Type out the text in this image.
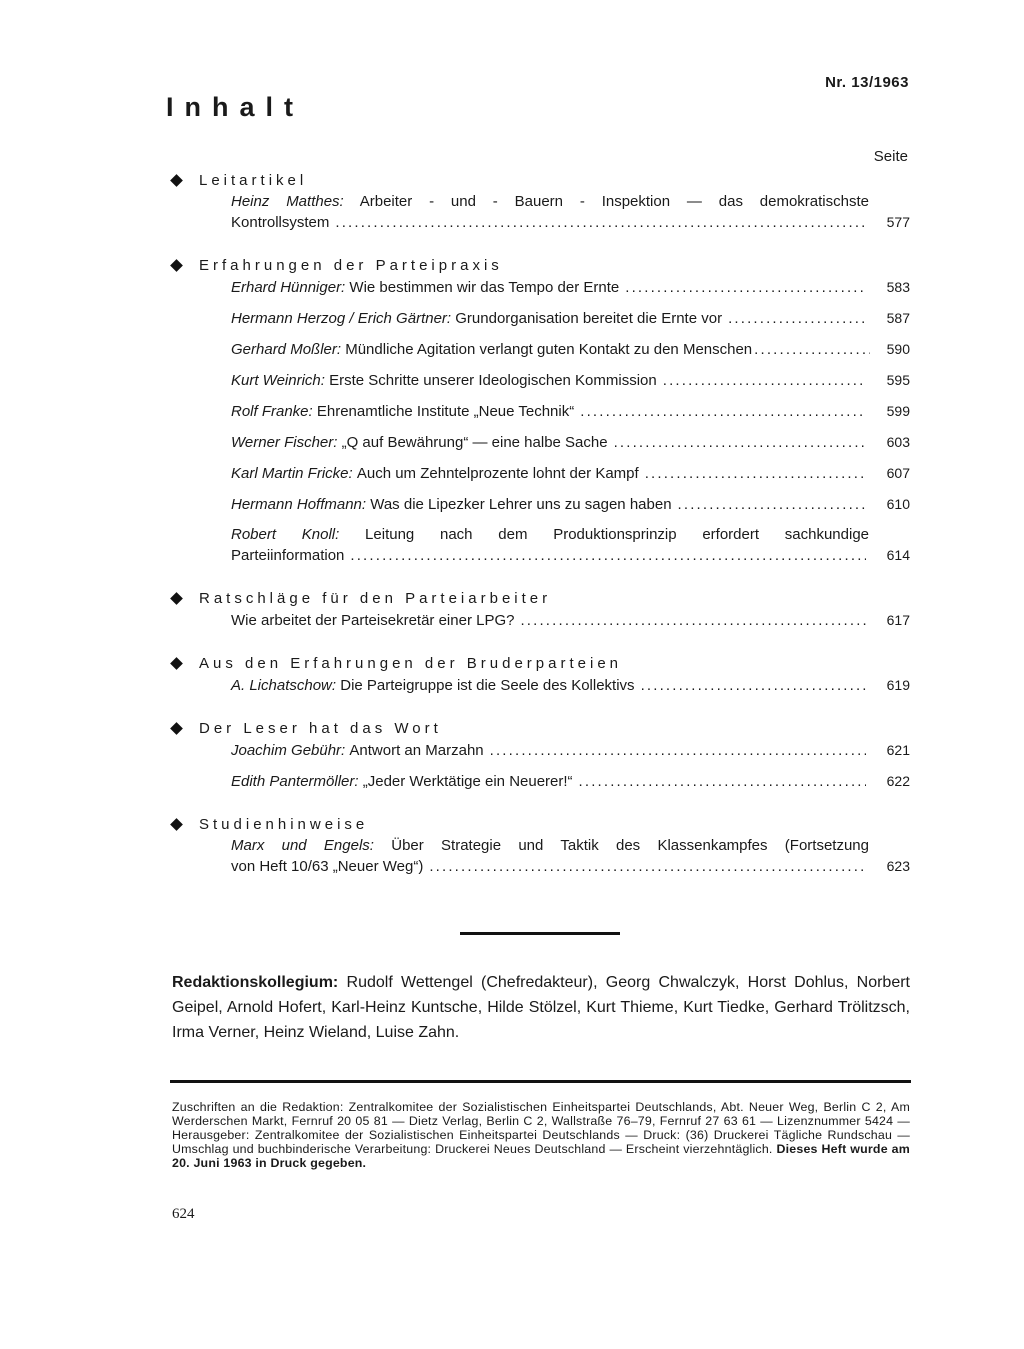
Nr. 13/1963
Inhalt
Seite
Leitartikel
Heinz Matthes: Arbeiter - und - Bauern - Inspektion — das demokratischste
Kontrollsystem . . .	577
Erfahrungen der Parteipraxis
Erhard Hünniger:
Wie bestimmen wir das Tempo der Ernte . . .	583
Hermann Herzog / Erich Gärtner:
Grundorganisation bereitet die Ernte vor . . .	587
Gerhard Moßler:
Mündliche Agitation verlangt guten Kontakt zu den Menschen . . .	590
Kurt Weinrich:
Erste Schritte unserer Ideologischen Kommission . . .	595
Rolf Franke:
Ehrenamtliche Institute „Neue Technik“ . . .	599
Werner Fischer:
„Q auf Bewährung“ — eine halbe Sache . . .	603
Karl Martin Fricke:
Auch um Zehntelprozente lohnt der Kampf . . .	607
Hermann Hoffmann:
Was die Lipezker Lehrer uns zu sagen haben . . .	610
Robert Knoll: Leitung nach dem Produktionsprinzip erfordert sachkundige
Parteiinformation . . .	614
Ratschläge für den Parteiarbeiter
Wie arbeitet der Parteisekretär einer LPG? . . .	617
Aus den Erfahrungen der Bruderparteien
A. Lichatschow:
Die Parteigruppe ist die Seele des Kollektivs . . .	619
Der Leser hat das Wort
Joachim Gebühr:
Antwort an Marzahn . . .	621
Edith Pantermöller:
„Jeder Werktätige ein Neuerer!“ . . .	622
Studienhinweise
Marx und Engels: Über Strategie und Taktik des Klassenkampfes (Fortsetzung
von Heft 10/63 „Neuer Weg“) . . .	623
Redaktionskollegium: Rudolf Wettengel (Chefredakteur), Georg Chwalczyk, Horst Dohlus, Norbert Geipel, Arnold Hofert, Karl-Heinz Kuntsche, Hilde Stölzel, Kurt Thieme, Kurt Tiedke, Gerhard Trölitzsch, Irma Verner, Heinz Wieland, Luise Zahn.
Zuschriften an die Redaktion: Zentralkomitee der Sozialistischen Einheitspartei Deutschlands, Abt. Neuer Weg, Berlin C 2, Am Werderschen Markt, Fernruf 20 05 81 — Dietz Verlag, Berlin C 2, Wallstraße 76–79, Fernruf 27 63 61 — Lizenznummer 5424 — Herausgeber: Zentralkomitee der Sozialistischen Einheitspartei Deutschlands — Druck: (36) Druckerei Tägliche Rundschau — Umschlag und buchbinderische Verarbeitung: Druckerei Neues Deutschland — Erscheint vierzehntäglich. Dieses Heft wurde am 20. Juni 1963 in Druck gegeben.
624
